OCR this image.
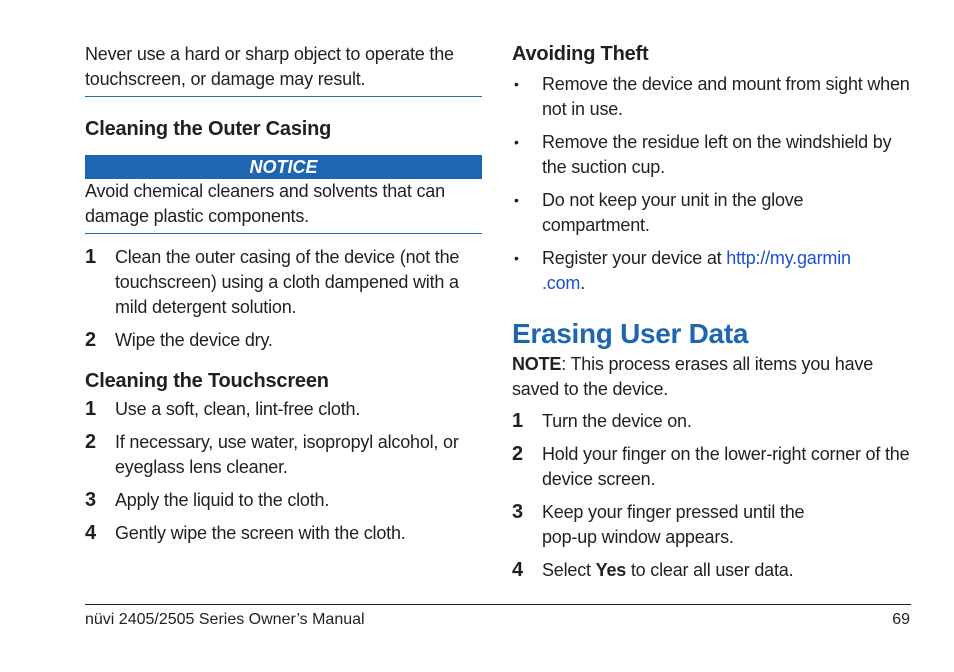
Never use a hard or sharp object to operate the touchscreen, or damage may result.

Cleaning the Outer Casing
NOTICE

Avoid chemical cleaners and solvents that can damage plastic components.

1 Clean the outer casing of the device (not the touchscreen) using a cloth dampened with a mild detergent solution.

2 Wipe the device dry.

Cleaning the Touchscreen
1 Use a soft, clean, lint-free cloth.

2 If necessary, use water, isopropyl alcohol, or eyeglass lens cleaner.

3 Apply the liquid to the cloth.

4 Gently wipe the screen with the cloth.

Avoiding Theft
• Remove the device and mount from sight when not in use.

• Remove the residue left on the windshield by the suction cup.

• Do not keep your unit in the glove compartment.

• Register your device at http://my.garmin
.com.

Erasing User Data

NOTE: This process erases all items you have saved to the device.

1 Turn the device on.

2 Hold your finger on the lower-right corner of the device screen.

3 Keep your finger pressed until the
pop-up window appears.

4 Select Yes to clear all user data.

nüvi 2405/2505 Series Owner’s Manual	69
